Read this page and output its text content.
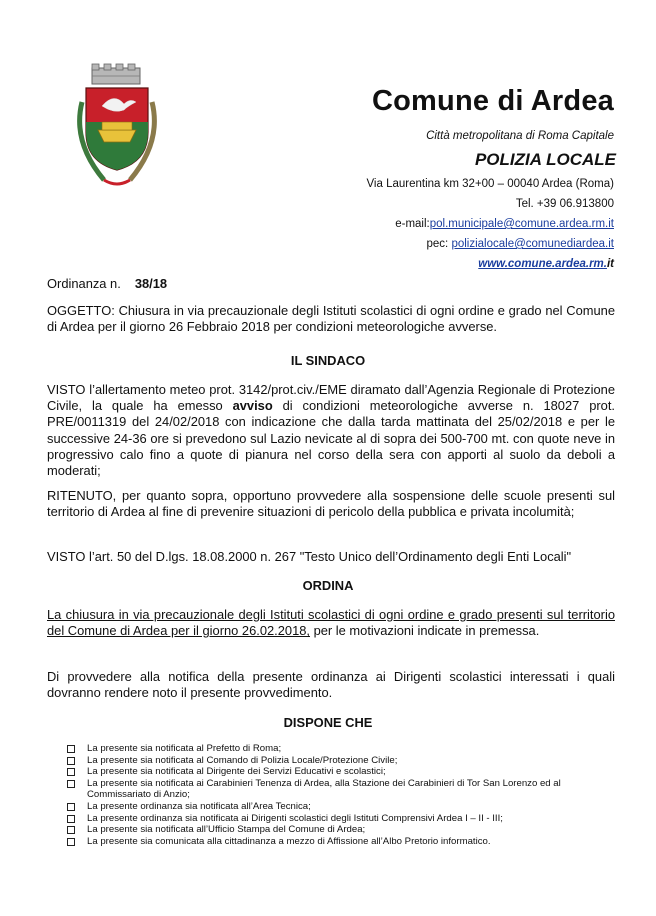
Comune di Ardea
Città metropolitana di Roma Capitale
POLIZIA LOCALE
Via Laurentina km 32+00 – 00040 Ardea (Roma)
Tel. +39 06.913800
e-mail:pol.municipale@comune.ardea.rm.it
pec: polizialocale@comunediardea.it
www.comune.ardea.rm.it
Ordinanza n. 38/18
OGGETTO: Chiusura in via precauzionale degli Istituti scolastici di ogni ordine e grado nel Comune di Ardea per il giorno 26 Febbraio 2018 per condizioni meteorologiche avverse.
IL SINDACO
VISTO l’allertamento meteo prot. 3142/prot.civ./EME diramato dall’Agenzia Regionale di Protezione Civile, la quale ha emesso avviso di condizioni meteorologiche avverse n. 18027 prot. PRE/0011319 del 24/02/2018 con indicazione che dalla tarda mattinata del 25/02/2018 e per le successive 24-36 ore si prevedono sul Lazio nevicate al di sopra dei 500-700 mt. con quote neve in progressivo calo fino a quote di pianura nel corso della sera con apporti al suolo da deboli a moderati;
RITENUTO, per quanto sopra, opportuno provvedere alla sospensione delle scuole presenti sul territorio di Ardea al fine di prevenire situazioni di pericolo della pubblica e privata incolumità;
VISTO l’art. 50 del D.lgs. 18.08.2000 n. 267 "Testo Unico dell’Ordinamento degli Enti Locali"
ORDINA
La chiusura in via precauzionale degli Istituti scolastici di ogni ordine e grado presenti sul territorio del Comune di Ardea per il giorno 26.02.2018, per le motivazioni indicate in premessa.
Di provvedere alla notifica della presente ordinanza ai Dirigenti scolastici interessati i quali dovranno rendere noto il presente provvedimento.
DISPONE CHE
La presente sia notificata al Prefetto di Roma;
La presente sia notificata al Comando di Polizia Locale/Protezione Civile;
La presente sia notificata al Dirigente dei Servizi Educativi e scolastici;
La presente sia notificata ai Carabinieri Tenenza di Ardea, alla Stazione dei Carabinieri di Tor San Lorenzo ed al Commissariato di Anzio;
La presente ordinanza sia notificata all’Area Tecnica;
La presente ordinanza sia notificata ai Dirigenti scolastici degli Istituti Comprensivi Ardea I – II - III;
La presente sia notificata all’Ufficio Stampa del Comune di Ardea;
La presente sia comunicata alla cittadinanza a mezzo di Affissione all’Albo Pretorio informatico.
